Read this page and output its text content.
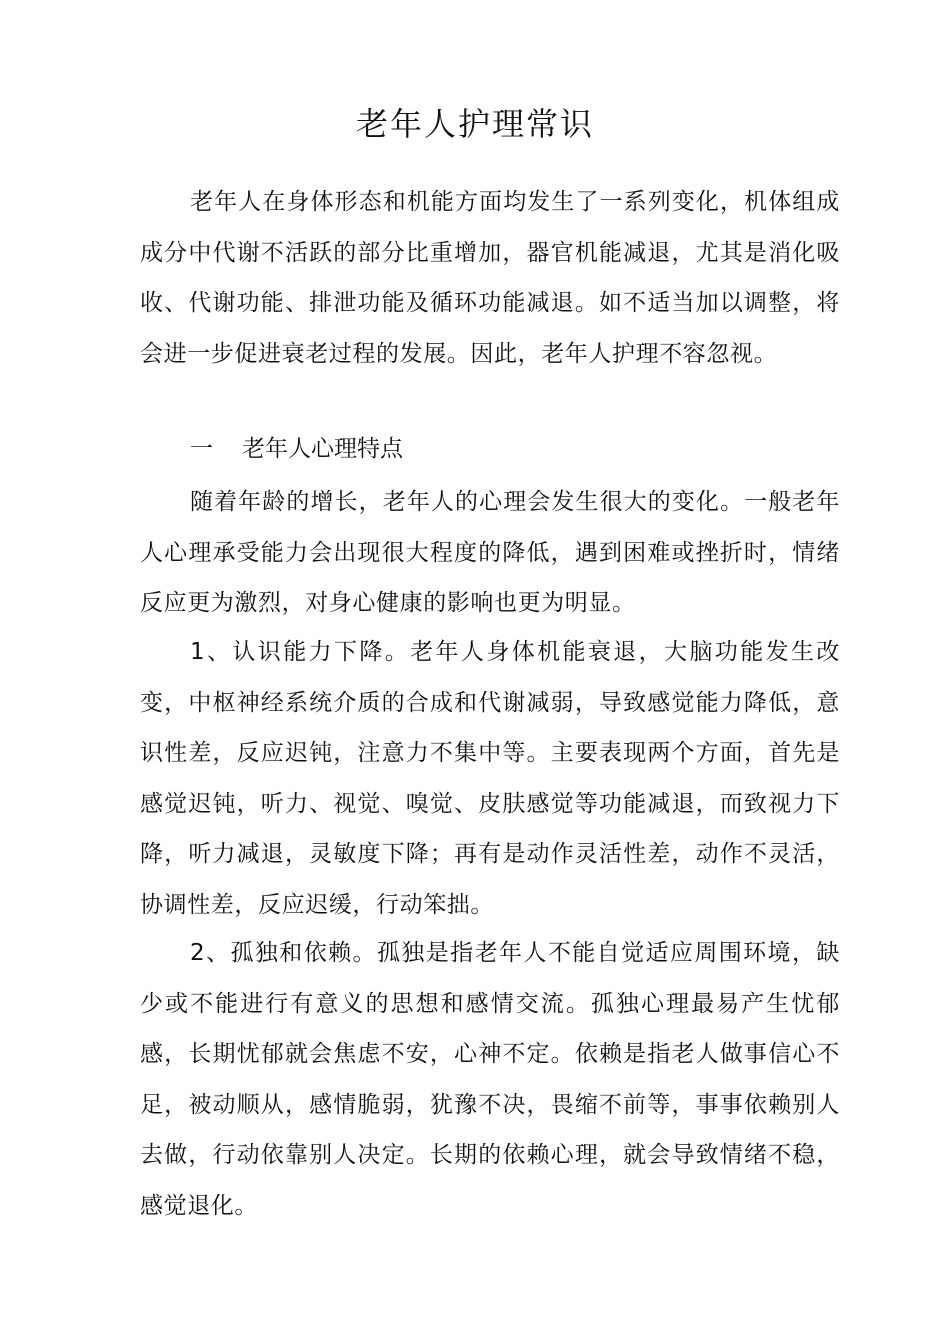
老年人护理常识

老年人在身体形态和机能方面均发生了一系列变化，机体组成成分中代谢不活跃的部分比重增加，器官机能减退，尤其是消化吸收、代谢功能、排泄功能及循环功能减退。如不适当加以调整，将会进一步促进衰老过程的发展。因此，老年人护理不容忽视。

一 老年人心理特点

随着年龄的增长，老年人的心理会发生很大的变化。一般老年人心理承受能力会出现很大程度的降低，遇到困难或挫折时，情绪反应更为激烈，对身心健康的影响也更为明显。

1、认识能力下降。老年人身体机能衰退，大脑功能发生改变，中枢神经系统介质的合成和代谢减弱，导致感觉能力降低，意识性差，反应迟钝，注意力不集中等。主要表现两个方面，首先是感觉迟钝，听力、视觉、嗅觉、皮肤感觉等功能减退，而致视力下降，听力减退，灵敏度下降；再有是动作灵活性差，动作不灵活，协调性差，反应迟缓，行动笨拙。

2、孤独和依赖。孤独是指老年人不能自觉适应周围环境，缺少或不能进行有意义的思想和感情交流。孤独心理最易产生忧郁感，长期忧郁就会焦虑不安，心神不定。依赖是指老人做事信心不足，被动顺从，感情脆弱，犹豫不决，畏缩不前等，事事依赖别人去做，行动依靠别人决定。长期的依赖心理，就会导致情绪不稳，感觉退化。
